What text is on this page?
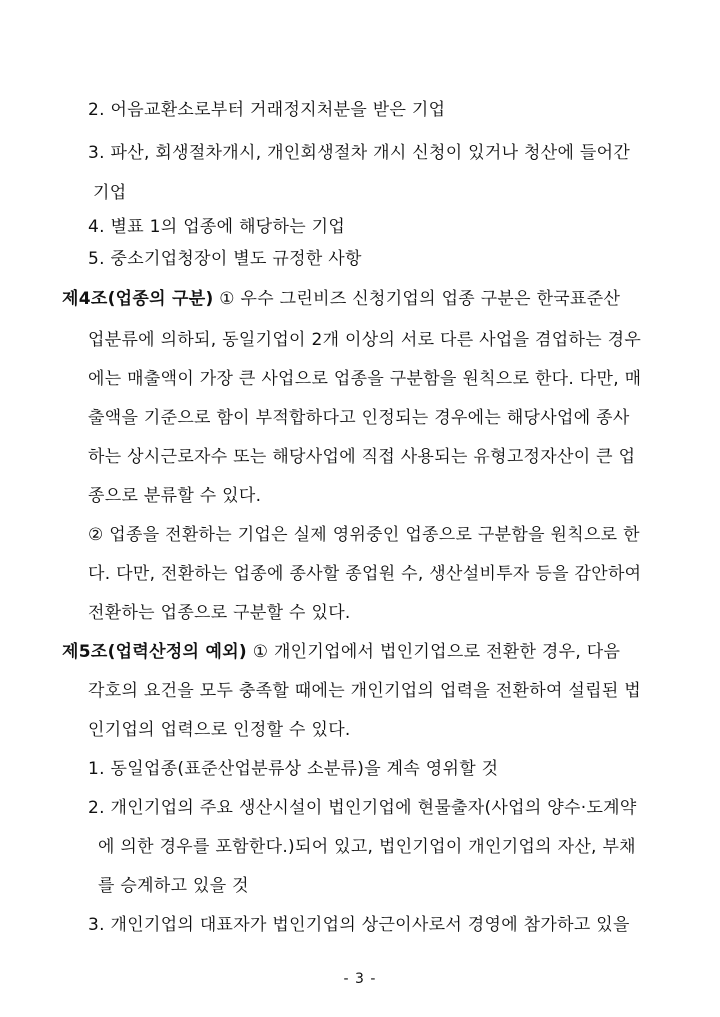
2. 어음교환소로부터 거래정지처분을 받은 기업
3. 파산, 회생절차개시, 개인회생절차 개시 신청이 있거나 청산에 들어간
기업
4. 별표 1의 업종에 해당하는 기업
5. 중소기업청장이 별도 규정한 사항
제4조(업종의 구분) ① 우수 그린비즈 신청기업의 업종 구분은 한국표준산
업분류에 의하되, 동일기업이 2개 이상의 서로 다른 사업을 겸업하는 경우
에는 매출액이 가장 큰 사업으로 업종을 구분함을 원칙으로 한다. 다만, 매
출액을 기준으로 함이 부적합하다고 인정되는 경우에는 해당사업에 종사
하는 상시근로자수 또는 해당사업에 직접 사용되는 유형고정자산이 큰 업
종으로 분류할 수 있다.
② 업종을 전환하는 기업은 실제 영위중인 업종으로 구분함을 원칙으로 한
다. 다만, 전환하는 업종에 종사할 종업원 수, 생산설비투자 등을 감안하여
전환하는 업종으로 구분할 수 있다.
제5조(업력산정의 예외) ① 개인기업에서 법인기업으로 전환한 경우, 다음
각호의 요건을 모두 충족할 때에는 개인기업의 업력을 전환하여 설립된 법
인기업의 업력으로 인정할 수 있다.
1. 동일업종(표준산업분류상 소분류)을 계속 영위할 것
2. 개인기업의 주요 생산시설이 법인기업에 현물출자(사업의 양수·도계약
에 의한 경우를 포함한다.)되어 있고, 법인기업이 개인기업의 자산, 부채
를 승계하고 있을 것
3. 개인기업의 대표자가 법인기업의 상근이사로서 경영에 참가하고 있을
- 3 -
